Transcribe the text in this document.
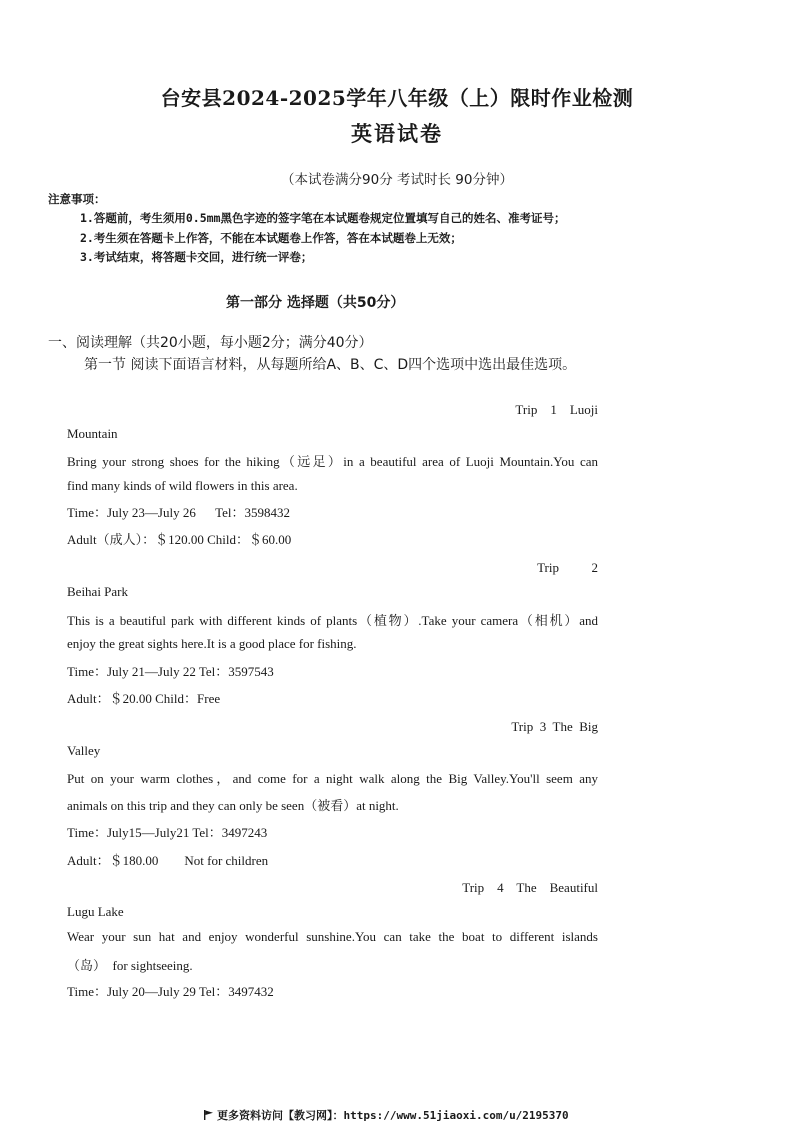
台安县2024-2025学年八年级（上）限时作业检测
英语试卷
（本试卷满分90分 考试时长 90分钟）
注意事项：
1.答题前，考生须用0.5mm黑色字迹的签字笔在本试题卷规定位置填写自己的姓名、准考证号；
2.考生须在答题卡上作答，不能在本试题卷上作答，答在本试题卷上无效；
3.考试结束，将答题卡交回，进行统一评卷；
第一部分 选择题（共50分）
一、阅读理解（共20小题，每小题2分；满分40分）
第一节 阅读下面语言材料，从每题所给A、B、C、D四个选项中选出最佳选项。
Trip    1    Luoji
Mountain
Bring your strong shoes for the hiking（远足）in a beautiful area of Luoji Mountain.You can
find many kinds of wild flowers in this area.
Time：July 23—July 26      Tel：3598432
Adult（成人）：＄120.00 Child：＄60.00
Trip          2
Beihai Park
This is a beautiful park with different kinds of plants（植物）.Take your camera（相机）and
enjoy the great sights here.It is a good place for fishing.
Time：July 21—July 22 Tel：3597543
Adult：＄20.00 Child：Free
Trip  3  The  Big
Valley
Put on your warm clothes，and come for a night walk along the Big Valley.You'll seem any
animals on this trip and they can only be seen（被看）at night.
Time：July15—July21 Tel：3497243
Adult：＄180.00        Not for children
Trip    4    The    Beautiful
Lugu Lake
Wear your sun hat and enjoy wonderful sunshine.You can take the boat to different islands
（岛）  for sightseeing.
Time：July 20—July 29 Tel：3497432
更多资料访问【教习网】：https://www.51jiaoxi.com/u/2195370
